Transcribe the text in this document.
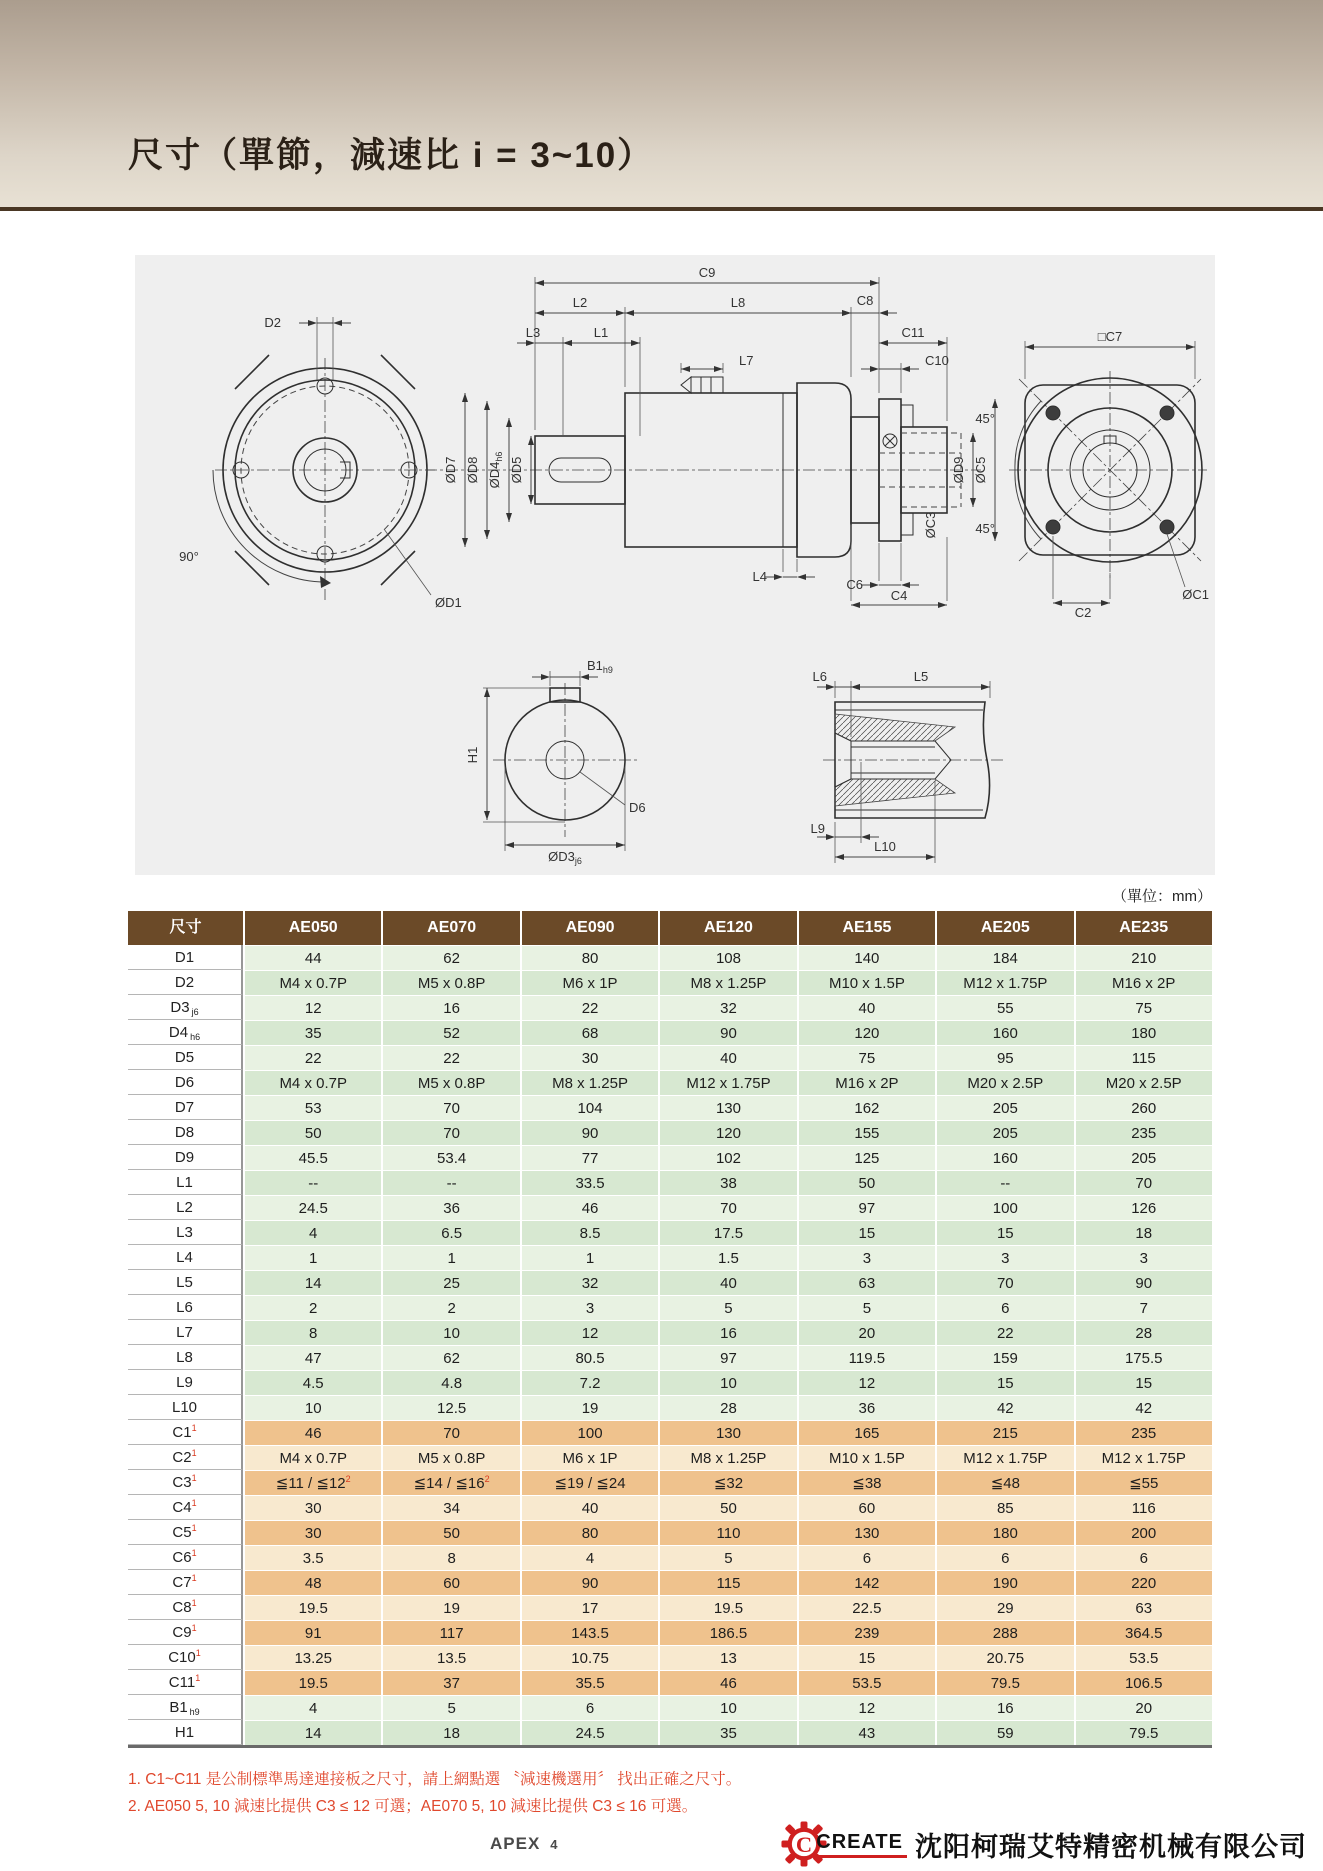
尺寸（單節，減速比 i = 3~10）
D2
90°
ØD1
C9
L2	L8	C8
L3	L1	C11
L7	C10
ØD7 ØD8 $ØD4_{h6}$ ØD5
ØC3
ØD9 ØC5
L4
C6
C4
□C7
45°
45°
C2
ØC1
$B1_{h9}$
H1
D6
$ØD3_{j6}$
L6	L5
L9
L10
（單位：mm）
尺寸	AE050	AE070	AE090	AE120	AE155	AE205	AE235
D1	44	62	80	108	140	184	210
D2	M4 x 0.7P	M5 x 0.8P	M6 x 1P	M8 x 1.25P	M10 x 1.5P	M12 x 1.75P	M16 x 2P
D3 $_{j6}$	12	16	22	32	40	55	75
D4 $_{h6}$	35	52	68	90	120	160	180
D5	22	22	30	40	75	95	115
D6	M4 x 0.7P	M5 x 0.8P	M8 x 1.25P	M12 x 1.75P	M16 x 2P	M20 x 2.5P	M20 x 2.5P
D7	53	70	104	130	162	205	260
D8	50	70	90	120	155	205	235
D9	45.5	53.4	77	102	125	160	205
L1	--	--	33.5	38	50	--	70
L2	24.5	36	46	70	97	100	126
L3	4	6.5	8.5	17.5	15	15	18
L4	1	1	1	1.5	3	3	3
L5	14	25	32	40	63	70	90
L6	2	2	3	5	5	6	7
L7	8	10	12	16	20	22	28
L8	47	62	80.5	97	119.5	159	175.5
L9	4.5	4.8	7.2	10	12	15	15
L10	10	12.5	19	28	36	42	42
$C1^1$	46	70	100	130	165	215	235
$C2^1$	M4 x 0.7P	M5 x 0.8P	M6 x 1P	M8 x 1.25P	M10 x 1.5P	M12 x 1.75P	M12 x 1.75P
$C3^1$	≦11 / $≦12^2$	≦14 / $≦16^2$	≦19 / ≦24	≦32	≦38	≦48	≦55
$C4^1$	30	34	40	50	60	85	116
$C5^1$	30	50	80	110	130	180	200
$C6^1$	3.5	8	4	5	6	6	6
$C7^1$	48	60	90	115	142	190	220
$C8^1$	19.5	19	17	19.5	22.5	29	63
$C9^1$	91	117	143.5	186.5	239	288	364.5
$C10^1$	13.25	13.5	10.75	13	15	20.75	53.5
$C11^1$	19.5	37	35.5	46	53.5	79.5	106.5
B1 $_{h9}$	4	5	6	10	12	16	20
H1	14	18	24.5	35	43	59	79.5
1. C1~C11 是公制標準馬達連接板之尺寸，請上網點選 〝減速機選用〞 找出正確之尺寸。
2. AE050 5, 10 減速比提供 C3 ≤ 12 可選；AE070 5, 10 減速比提供 C3 ≤ 16 可選。
APEX 4	C CREATE 沈阳柯瑞艾特精密机械有限公司
